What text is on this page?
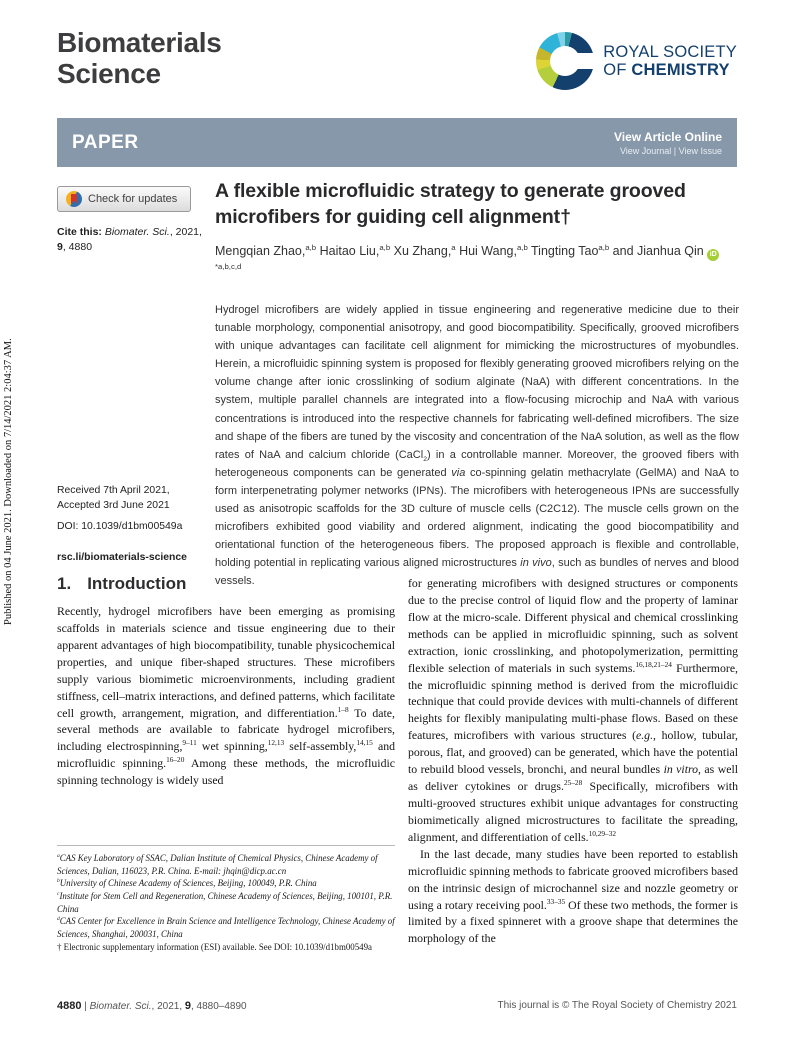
Published on 04 June 2021. Downloaded on 7/14/2021 2:04:37 AM.
Biomaterials
Science
ROYAL SOCIETY
OF CHEMISTRY
PAPER	View Article Online
View Journal | View Issue
Check for updates
Cite this: Biomater. Sci., 2021, 9, 4880
A flexible microfluidic strategy to generate grooved microfibers for guiding cell alignment†
Mengqian Zhao,$^{a,b}$ Haitao Liu,$^{a,b}$ Xu Zhang,$^a$ Hui Wang,$^{a,b}$ Tingting Tao$^{a,b}$ and Jianhua Qin iD $^{*a,b,c,d}$
Hydrogel microfibers are widely applied in tissue engineering and regenerative medicine due to their tunable morphology, componential anisotropy, and good biocompatibility. Specifically, grooved microfibers with unique advantages can facilitate cell alignment for mimicking the microstructures of myobundles. Herein, a microfluidic spinning system is proposed for flexibly generating grooved microfibers relying on the volume change after ionic crosslinking of sodium alginate (NaA) with different concentrations. In the system, multiple parallel channels are integrated into a flow-focusing microchip and NaA with various concentrations is introduced into the respective channels for fabricating well-defined microfibers. The size and shape of the fibers are tuned by the viscosity and concentration of the NaA solution, as well as the flow rates of NaA and calcium chloride (CaCl$_2$) in a controllable manner. Moreover, the grooved fibers with heterogeneous components can be generated via co-spinning gelatin methacrylate (GelMA) and NaA to form interpenetrating polymer networks (IPNs). The microfibers with heterogeneous IPNs are successfully used as anisotropic scaffolds for the 3D culture of muscle cells (C2C12). The muscle cells grown on the microfibers exhibited good viability and ordered alignment, indicating the good biocompatibility and orientational function of the heterogeneous fibers. The proposed approach is flexible and controllable, holding potential in replicating various aligned microstructures in vivo, such as bundles of nerves and blood vessels.
Received 7th April 2021,
Accepted 3rd June 2021
DOI: 10.1039/d1bm00549a
rsc.li/biomaterials-science
1. Introduction

Recently, hydrogel microfibers have been emerging as promising scaffolds in materials science and tissue engineering due to their apparent advantages of high biocompatibility, tunable physicochemical properties, and unique fiber-shaped structures. These microfibers supply various biomimetic microenvironments, including gradient stiffness, cell–matrix interactions, and defined patterns, which facilitate cell growth, arrangement, migration, and differentiation.$^{1-8}$ To date, several methods are available to fabricate hydrogel microfibers, including electrospinning,$^{9-11}$ wet spinning,$^{12,13}$ self-assembly,$^{14,15}$ and microfluidic spinning.$^{16-20}$ Among these methods, the microfluidic spinning technology is widely used

for generating microfibers with designed structures or components due to the precise control of liquid flow and the property of laminar flow at the micro-scale. Different physical and chemical crosslinking methods can be applied in microfluidic spinning, such as solvent extraction, ionic crosslinking, and photopolymerization, permitting flexible selection of materials in such systems.$^{16,18,21-24}$ Furthermore, the microfluidic spinning method is derived from the microfluidic technique that could provide devices with multi-channels of different heights for flexibly manipulating multi-phase flows. Based on these features, microfibers with various structures (e.g., hollow, tubular, porous, flat, and grooved) can be generated, which have the potential to rebuild blood vessels, bronchi, and neural bundles in vitro, as well as deliver cytokines or drugs.$^{25-28}$ Specifically, microfibers with multi-grooved structures exhibit unique advantages for constructing biomimetically aligned microstructures to facilitate the spreading, alignment, and differentiation of cells.$^{10,29-32}$

In the last decade, many studies have been reported to establish microfluidic spinning methods to fabricate grooved microfibers based on the intrinsic design of microchannel size and nozzle geometry or using a rotary receiving pool.$^{33-35}$ Of these two methods, the former is limited by a fixed spinneret with a groove shape that determines the morphology of the

$^a$CAS Key Laboratory of SSAC, Dalian Institute of Chemical Physics, Chinese Academy of Sciences, Dalian, 116023, P.R. China. E-mail: jhqin@dicp.ac.cn

$^b$University of Chinese Academy of Sciences, Beijing, 100049, P.R. China

$^c$Institute for Stem Cell and Regeneration, Chinese Academy of Sciences, Beijing, 100101, P.R. China

$^d$CAS Center for Excellence in Brain Science and Intelligence Technology, Chinese Academy of Sciences, Shanghai, 200031, China

† Electronic supplementary information (ESI) available. See DOI: 10.1039/d1bm00549a

4880 | Biomater. Sci., 2021, 9, 4880–4890	This journal is © The Royal Society of Chemistry 2021
